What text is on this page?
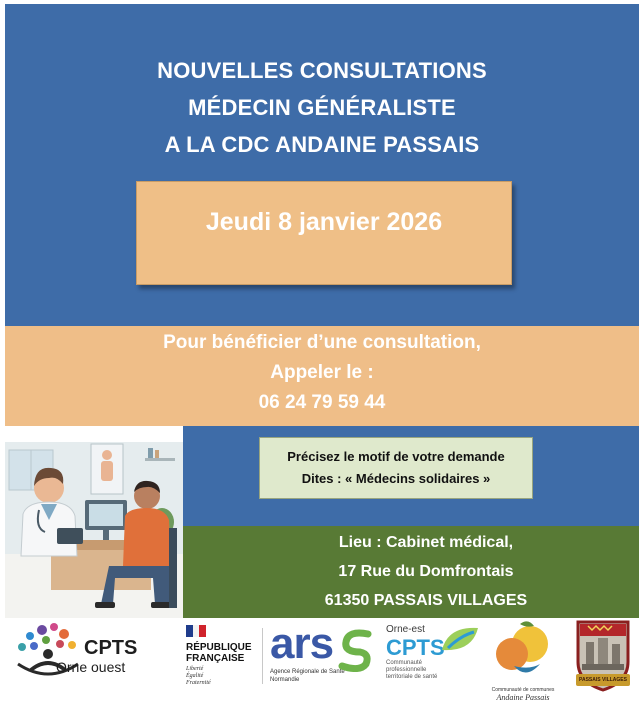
NOUVELLES CONSULTATIONS
MÉDECIN GÉNÉRALISTE
A LA CDC ANDAINE PASSAIS
Jeudi 8 janvier 2026
Pour bénéficier d’une consultation,
Appeler le :
06 24 79 59 44
Précisez le motif de votre demande
Dites : « Médecins solidaires »
Lieu : Cabinet médical,
17 Rue du Domfrontais
61350 PASSAIS VILLAGES
CPTS
Orne ouest
RÉPUBLIQUE
FRANÇAISE
Liberté
Égalité
Fraternité
ars
Agence Régionale de Santé
Normandie
Orne-est
CPTS
Communauté
professionnelle
territoriale de santé
Communauté de communes
Andaine Passais
PASSAIS VILLAGES
